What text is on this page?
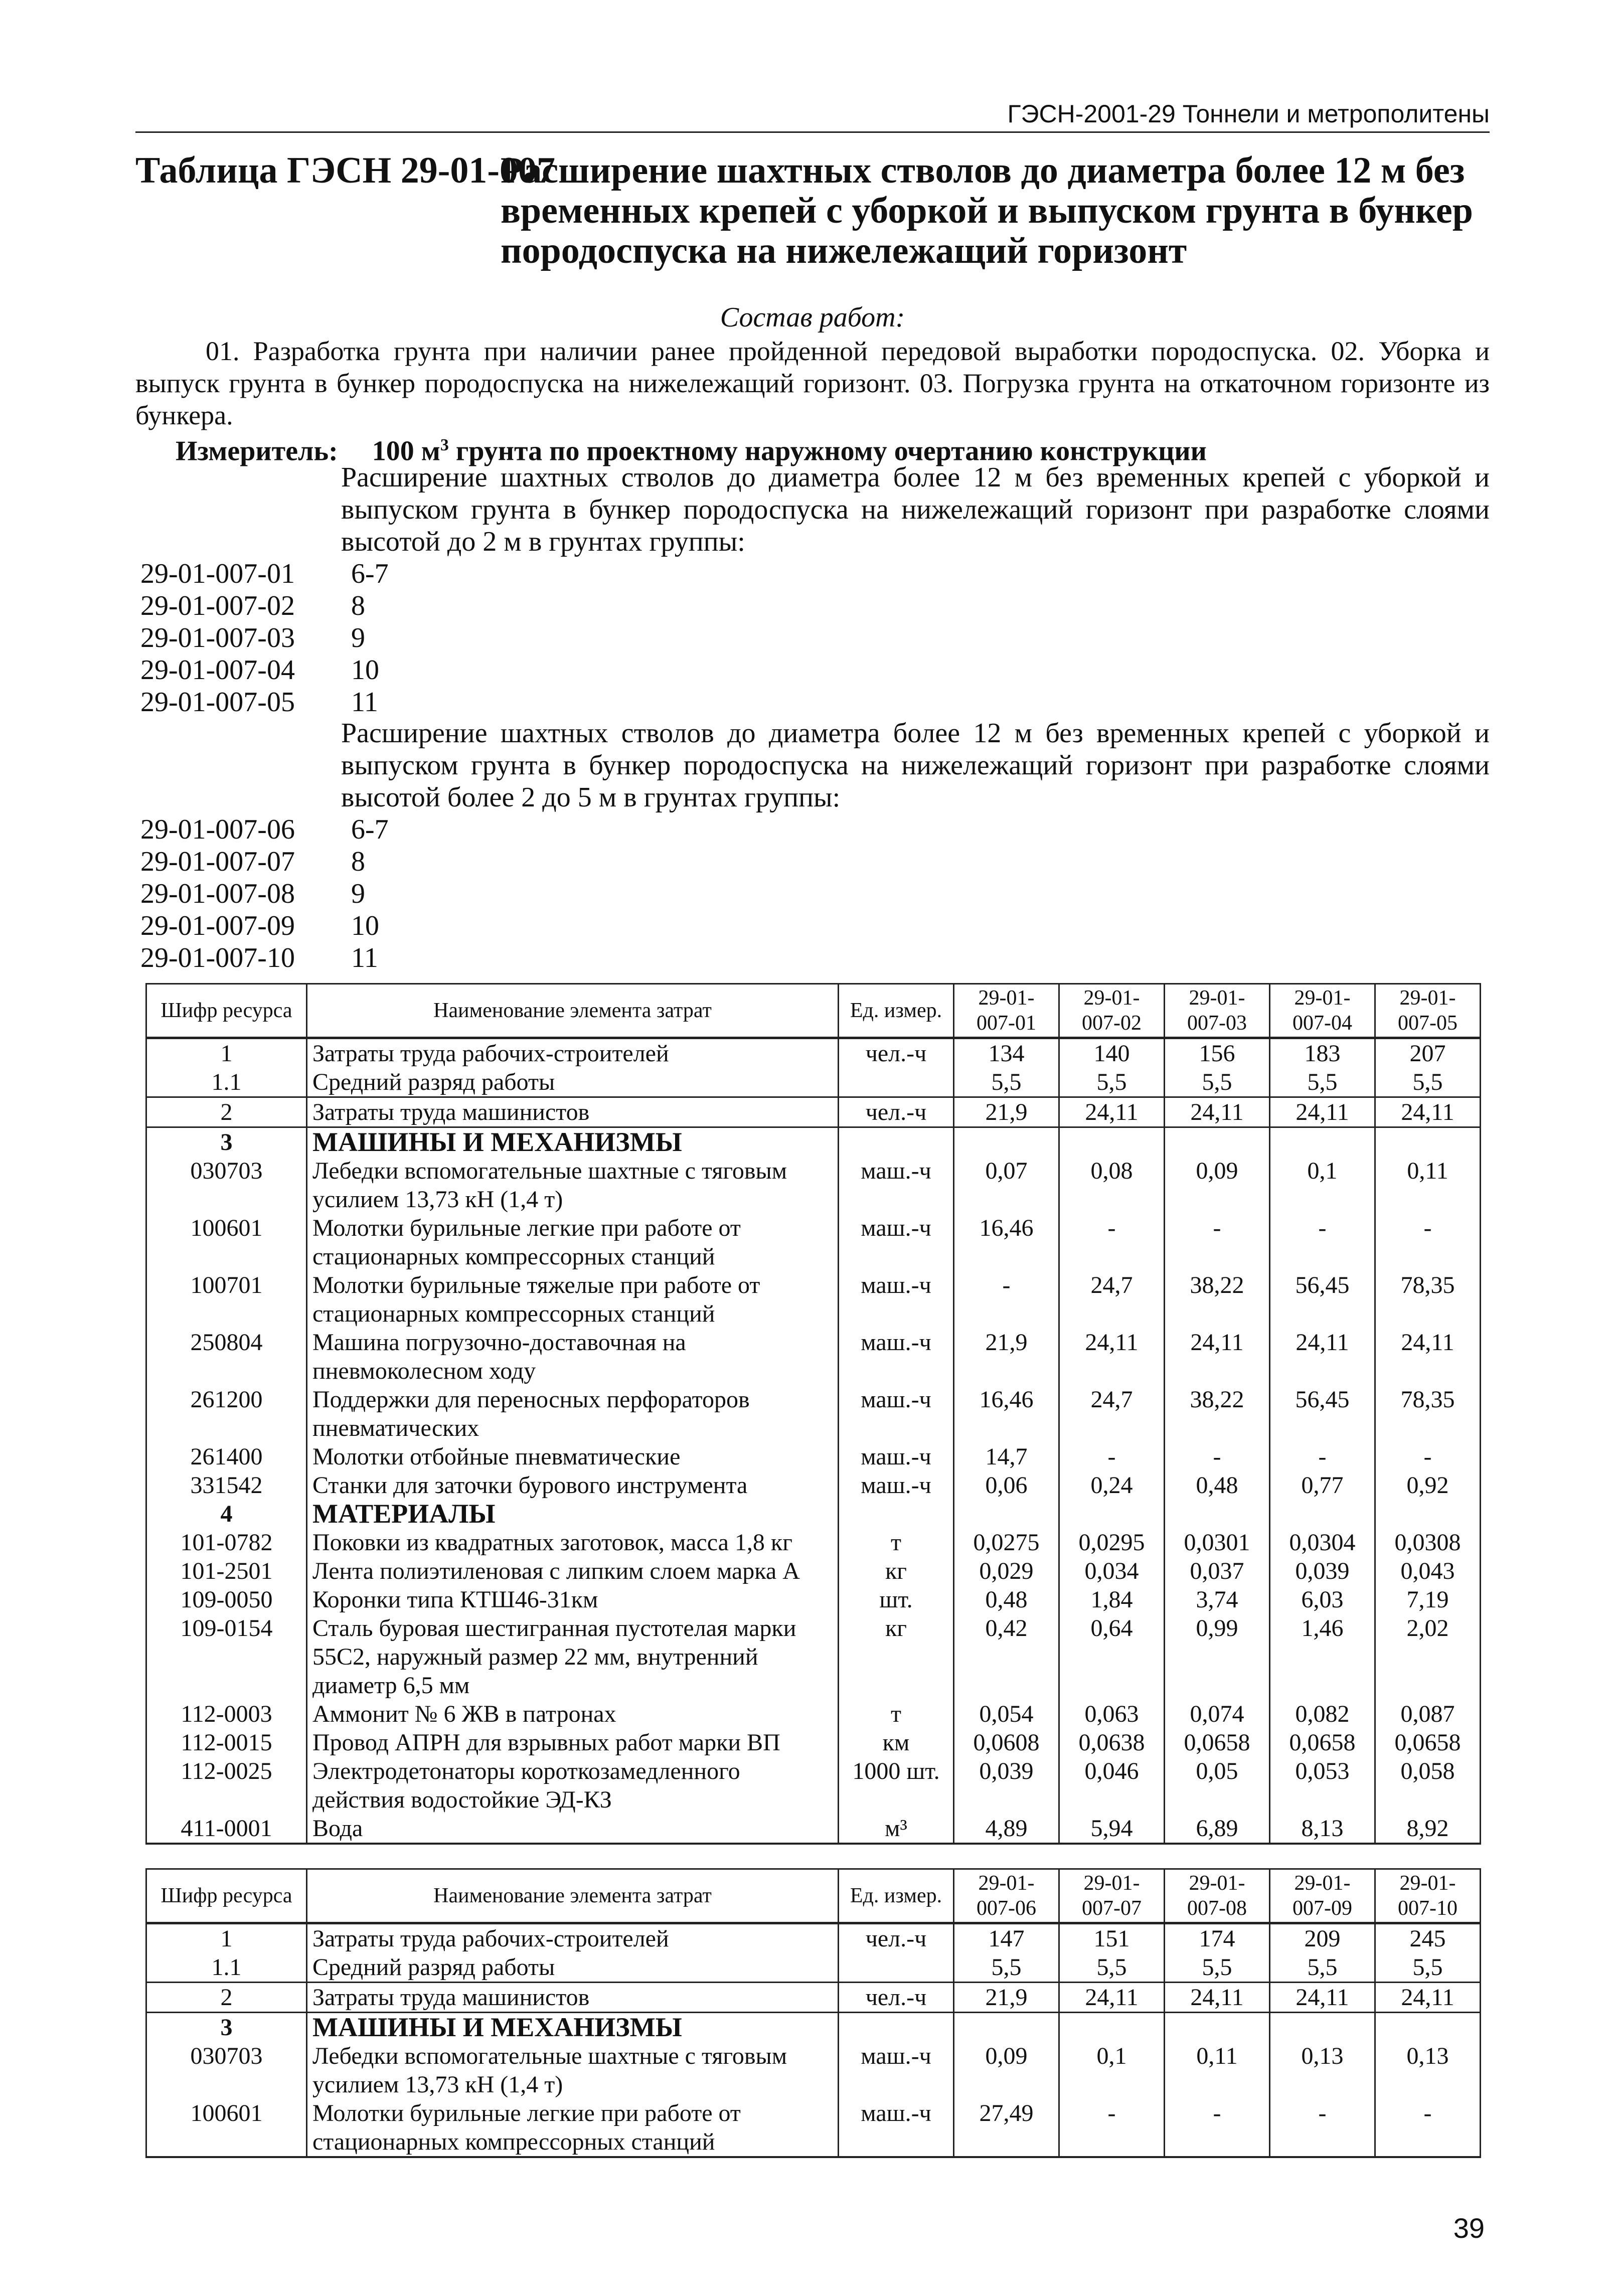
ГЭСН-2001-29 Тоннели и метрополитены
Таблица ГЭСН 29-01-007
Расширение шахтных стволов до диаметра более 12 м без временных крепей с уборкой и выпуском грунта в бункер породоспуска на нижележащий горизонт
Состав работ:
01. Разработка грунта при наличии ранее пройденной передовой выработки породоспуска. 02. Уборка и выпуск грунта в бункер породоспуска на нижележащий горизонт. 03. Погрузка грунта на откаточном горизонте из бункера.
Измеритель: 100 $м^3$ грунта по проектному наружному очертанию конструкции
Расширение шахтных стволов до диаметра более 12 м без временных крепей с уборкой и выпуском грунта в бункер породоспуска на нижележащий горизонт при разработке слоями высотой до 2 м в грунтах группы:
29-01-007-01 6-7
29-01-007-02 8
29-01-007-03 9
29-01-007-04 10
29-01-007-05 11
Расширение шахтных стволов до диаметра более 12 м без временных крепей с уборкой и выпуском грунта в бункер породоспуска на нижележащий горизонт при разработке слоями высотой более 2 до 5 м в грунтах группы:
29-01-007-06 6-7
29-01-007-07 8
29-01-007-08 9
29-01-007-09 10
29-01-007-10 11
Шифр ресурса	Наименование элемента затрат	Ед. измер.	29-01-007-01	29-01-007-02	29-01-007-03	29-01-007-04	29-01-007-05
1	Затраты труда рабочих-строителей	чел.-ч	134	140	156	183	207
1.1	Средний разряд работы		5,5	5,5	5,5	5,5	5,5
2	Затраты труда машинистов	чел.-ч	21,9	24,11	24,11	24,11	24,11
3	МАШИНЫ И МЕХАНИЗМЫ						
030703	Лебедки вспомогательные шахтные с тяговым усилием 13,73 кН (1,4 т)	маш.-ч	0,07	0,08	0,09	0,1	0,11
100601	Молотки бурильные легкие при работе от стационарных компрессорных станций	маш.-ч	16,46	-	-	-	-
100701	Молотки бурильные тяжелые при работе от стационарных компрессорных станций	маш.-ч	-	24,7	38,22	56,45	78,35
250804	Машина погрузочно-доставочная на пневмоколесном ходу	маш.-ч	21,9	24,11	24,11	24,11	24,11
261200	Поддержки для переносных перфораторов пневматических	маш.-ч	16,46	24,7	38,22	56,45	78,35
261400	Молотки отбойные пневматические	маш.-ч	14,7	-	-	-	-
331542	Станки для заточки бурового инструмента	маш.-ч	0,06	0,24	0,48	0,77	0,92
4	МАТЕРИАЛЫ						
101-0782	Поковки из квадратных заготовок, масса 1,8 кг	т	0,0275	0,0295	0,0301	0,0304	0,0308
101-2501	Лента полиэтиленовая с липким слоем марка А	кг	0,029	0,034	0,037	0,039	0,043
109-0050	Коронки типа КТШ46-31км	шт.	0,48	1,84	3,74	6,03	7,19
109-0154	Сталь буровая шестигранная пустотелая марки 55С2, наружный размер 22 мм, внутренний диаметр 6,5 мм	кг	0,42	0,64	0,99	1,46	2,02
112-0003	Аммонит № 6 ЖВ в патронах	т	0,054	0,063	0,074	0,082	0,087
112-0015	Провод АПРН для взрывных работ марки ВП	км	0,0608	0,0638	0,0658	0,0658	0,0658
112-0025	Электродетонаторы короткозамедленного действия водостойкие ЭД-КЗ	1000 шт.	0,039	0,046	0,05	0,053	0,058
411-0001	Вода	м³	4,89	5,94	6,89	8,13	8,92
Шифр ресурса	Наименование элемента затрат	Ед. измер.	29-01-007-06	29-01-007-07	29-01-007-08	29-01-007-09	29-01-007-10
1	Затраты труда рабочих-строителей	чел.-ч	147	151	174	209	245
1.1	Средний разряд работы		5,5	5,5	5,5	5,5	5,5
2	Затраты труда машинистов	чел.-ч	21,9	24,11	24,11	24,11	24,11
3	МАШИНЫ И МЕХАНИЗМЫ						
030703	Лебедки вспомогательные шахтные с тяговым усилием 13,73 кН (1,4 т)	маш.-ч	0,09	0,1	0,11	0,13	0,13
100601	Молотки бурильные легкие при работе от стационарных компрессорных станций	маш.-ч	27,49	-	-	-	-
39
